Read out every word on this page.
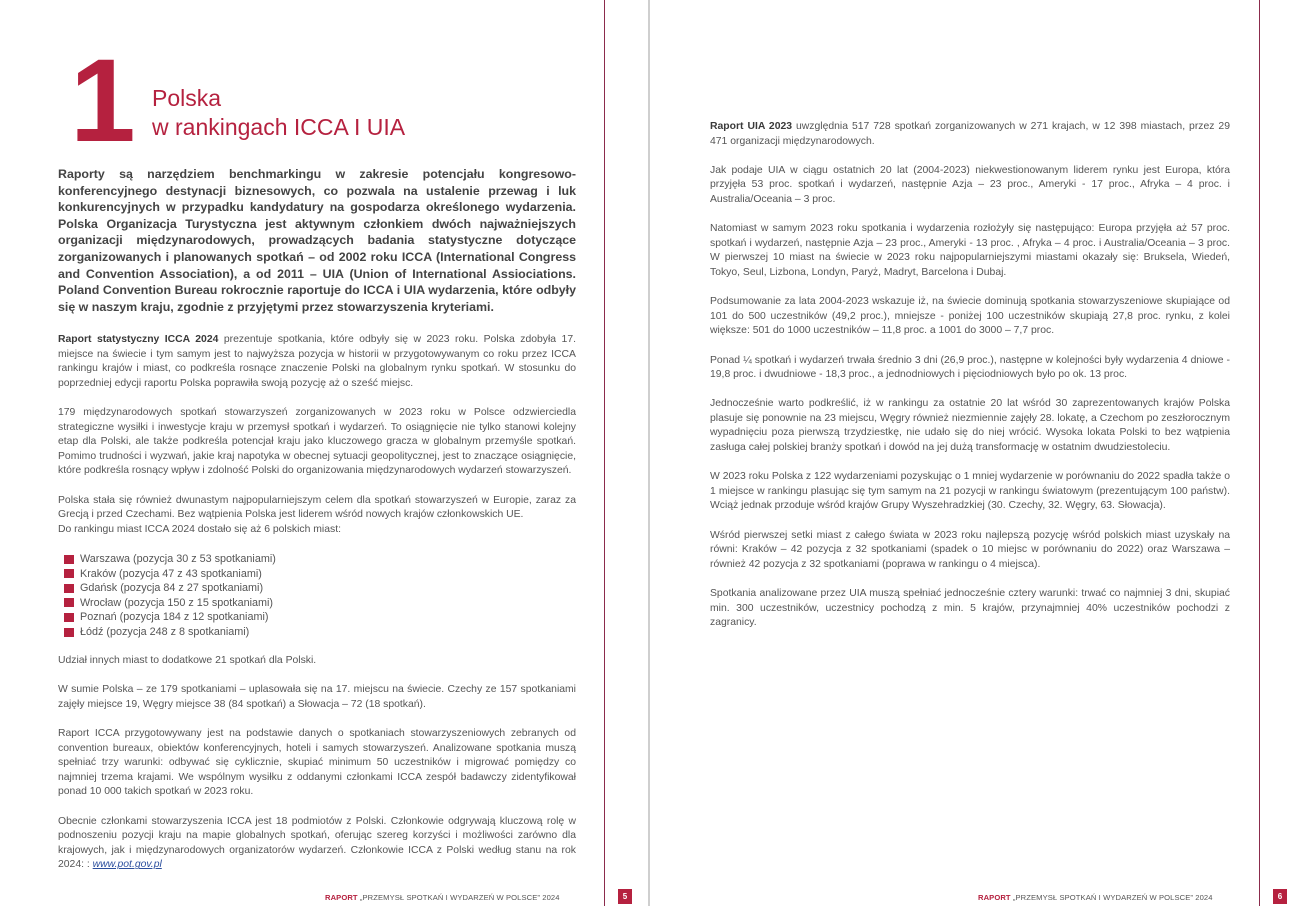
1 Polska
w rankingach ICCA I UIA

Raporty są narzędziem benchmarkingu w zakresie potencjału kongresowo-konferencyjnego destynacji biznesowych, co pozwala na ustalenie przewag i luk konkurencyjnych w przypadku kandydatury na gospodarza określonego wydarzenia. Polska Organizacja Turystyczna jest aktywnym członkiem dwóch najważniejszych organizacji międzynarodowych, prowadzących badania statystyczne dotyczące zorganizowanych i planowanych spotkań – od 2002 roku ICCA (International Congress and Convention Association), a od 2011 – UIA (Union of International Assiociations. Poland Convention Bureau rokrocznie raportuje do ICCA i UIA wydarzenia, które odbyły się w naszym kraju, zgodnie z przyjętymi przez stowarzyszenia kryteriami.

Raport statystyczny ICCA 2024 prezentuje spotkania, które odbyły się w 2023 roku. Polska zdobyła 17. miejsce na świecie i tym samym jest to najwyższa pozycja w historii w przygotowywanym co roku przez ICCA rankingu krajów i miast, co podkreśla rosnące znaczenie Polski na globalnym rynku spotkań. W stosunku do poprzedniej edycji raportu Polska poprawiła swoją pozycję aż o sześć miejsc.

179 międzynarodowych spotkań stowarzyszeń zorganizowanych w 2023 roku w Polsce odzwierciedla strategiczne wysiłki i inwestycje kraju w przemysł spotkań i wydarzeń. To osiągnięcie nie tylko stanowi kolejny etap dla Polski, ale także podkreśla potencjał kraju jako kluczowego gracza w globalnym przemyśle spotkań. Pomimo trudności i wyzwań, jakie kraj napotyka w obecnej sytuacji geopolitycznej, jest to znaczące osiągnięcie, które podkreśla rosnący wpływ i zdolność Polski do organizowania międzynarodowych wydarzeń stowarzyszeń.

Polska stała się również dwunastym najpopularniejszym celem dla spotkań stowarzyszeń w Europie, zaraz za Grecją i przed Czechami. Bez wątpienia Polska jest liderem wśród nowych krajów członkowskich UE.
Do rankingu miast ICCA 2024 dostało się aż 6 polskich miast:

Warszawa (pozycja 30 z 53 spotkaniami)
Kraków (pozycja 47 z 43 spotkaniami)
Gdańsk (pozycja 84 z 27 spotkaniami)
Wrocław (pozycja 150 z 15 spotkaniami)
Poznań (pozycja 184 z 12 spotkaniami)
Łódź (pozycja 248 z 8 spotkaniami)

Udział innych miast to dodatkowe 21 spotkań dla Polski.

W sumie Polska – ze 179 spotkaniami – uplasowała się na 17. miejscu na świecie. Czechy ze 157 spotkaniami zajęły miejsce 19, Węgry miejsce 38 (84 spotkań) a Słowacja – 72 (18 spotkań).

Raport ICCA przygotowywany jest na podstawie danych o spotkaniach stowarzyszeniowych zebranych od convention bureaux, obiektów konferencyjnych, hoteli i samych stowarzyszeń. Analizowane spotkania muszą spełniać trzy warunki: odbywać się cyklicznie, skupiać minimum 50 uczestników i migrować pomiędzy co najmniej trzema krajami. We wspólnym wysiłku z oddanymi członkami ICCA zespół badawczy zidentyfikował ponad 10 000 takich spotkań w 2023 roku.

Obecnie członkami stowarzyszenia ICCA jest 18 podmiotów z Polski. Członkowie odgrywają kluczową rolę w podnoszeniu pozycji kraju na mapie globalnych spotkań, oferując szereg korzyści i możliwości zarówno dla krajowych, jak i międzynarodowych organizatorów wydarzeń. Członkowie ICCA z Polski według stanu na rok 2024: : www.pot.gov.pl

RAPORT „PRZEMYSŁ SPOTKAŃ I WYDARZEŃ W POLSCE” 2024	5

Raport UIA 2023 uwzględnia 517 728 spotkań zorganizowanych w 271 krajach, w 12 398 miastach, przez 29 471 organizacji międzynarodowych.

Jak podaje UIA w ciągu ostatnich 20 lat (2004-2023) niekwestionowanym liderem rynku jest Europa, która przyjęła 53 proc. spotkań i wydarzeń, następnie Azja – 23 proc., Ameryki - 17 proc., Afryka – 4 proc. i Australia/Oceania – 3 proc.

Natomiast w samym 2023 roku spotkania i wydarzenia rozłożyły się następująco: Europa przyjęła aż 57 proc. spotkań i wydarzeń, następnie Azja – 23 proc., Ameryki - 13 proc. , Afryka – 4 proc. i Australia/Oceania – 3 proc. W pierwszej 10 miast na świecie w 2023 roku najpopularniejszymi miastami okazały się: Bruksela, Wiedeń, Tokyo, Seul, Lizbona, Londyn, Paryż, Madryt, Barcelona i Dubaj.

Podsumowanie za lata 2004-2023 wskazuje iż, na świecie dominują spotkania stowarzyszeniowe skupiające od 101 do 500 uczestników (49,2 proc.), mniejsze - poniżej 100 uczestników skupiają 27,8 proc. rynku, z kolei większe: 501 do 1000 uczestników – 11,8 proc. a 1001 do 3000 – 7,7 proc.

Ponad ¼ spotkań i wydarzeń trwała średnio 3 dni (26,9 proc.), następne w kolejności były wydarzenia 4 dniowe - 19,8 proc. i dwudniowe - 18,3 proc., a jednodniowych i pięciodniowych było po ok. 13 proc.

Jednocześnie warto podkreślić, iż w rankingu za ostatnie 20 lat wśród 30 zaprezentowanych krajów Polska plasuje się ponownie na 23 miejscu, Węgry również niezmiennie zajęły 28. lokatę, a Czechom po zeszłorocznym wypadnięciu poza pierwszą trzydziestkę, nie udało się do niej wrócić. Wysoka lokata Polski to bez wątpienia zasługa całej polskiej branży spotkań i dowód na jej dużą transformację w ostatnim dwudziestoleciu.

W 2023 roku Polska z 122 wydarzeniami pozyskując o 1 mniej wydarzenie w porównaniu do 2022 spadła także o 1 miejsce w rankingu plasując się tym samym na 21 pozycji w rankingu światowym (prezentującym 100 państw). Wciąż jednak przoduje wśród krajów Grupy Wyszehradzkiej (30. Czechy, 32. Węgry, 63. Słowacja).

Wśród pierwszej setki miast z całego świata w 2023 roku najlepszą pozycję wśród polskich miast uzyskały na równi: Kraków – 42 pozycja z 32 spotkaniami (spadek o 10 miejsc w porównaniu do 2022) oraz Warszawa – również 42 pozycja z 32 spotkaniami (poprawa w rankingu o 4 miejsca).

Spotkania analizowane przez UIA muszą spełniać jednocześnie cztery warunki: trwać co najmniej 3 dni, skupiać min. 300 uczestników, uczestnicy pochodzą z min. 5 krajów, przynajmniej 40% uczestników pochodzi z zagranicy.

RAPORT „PRZEMYSŁ SPOTKAŃ I WYDARZEŃ W POLSCE” 2024	6
